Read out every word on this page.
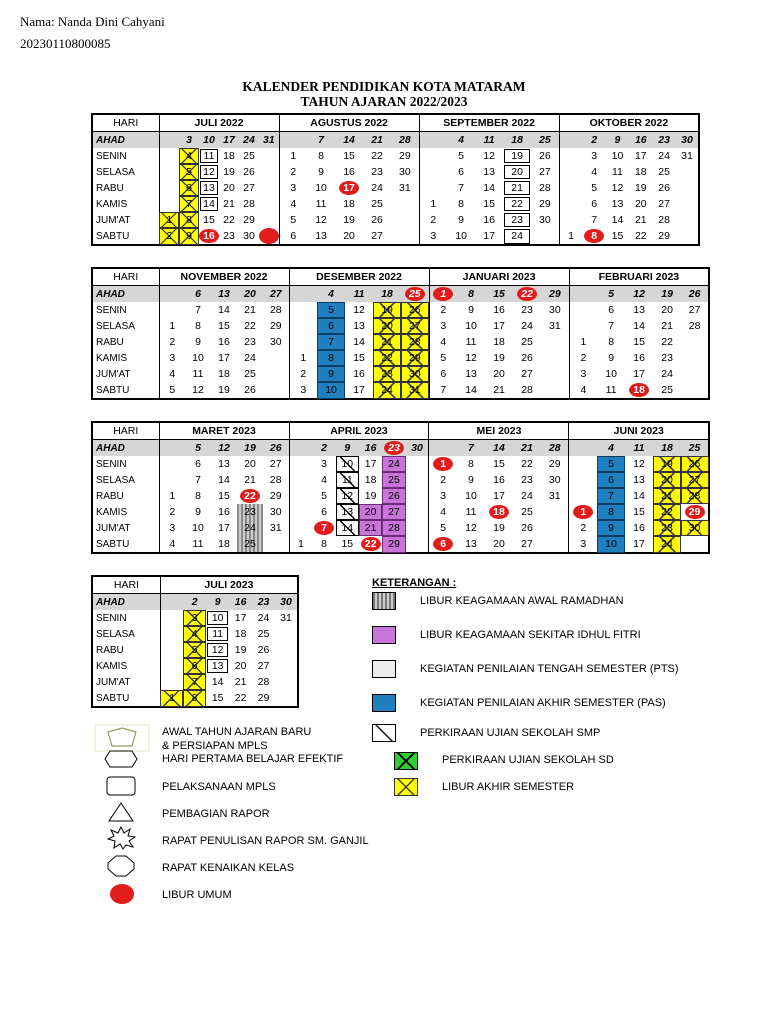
Nama: Nanda Dini Cahyani
20230110800085
KALENDER PENDIDIKAN KOTA MATARAM
TAHUN AJARAN 2022/2023
HARI	JULI 2022						AGUSTUS 2022					SEPTEMBER 2022					OKTOBER 2022					
AHAD		3	10	17	24	31		7	14	21	28		4	11	18	25		2	9	16	23	30
SENIN		4	11	18	25		1	8	15	22	29		5	12	19	26		3	10	17	24	31
SELASA		5	12	19	26		2	9	16	23	30		6	13	20	27		4	11	18	25	
RABU		6	13	20	27		3	10	17	24	31		7	14	21	28		5	12	19	26	
KAMIS		7	14	21	28		4	11	18	25		1	8	15	22	29		6	13	20	27	
JUM'AT	1	8	15	22	29		5	12	19	26		2	9	16	23	30		7	14	21	28	
SABTU	2	9	16	23	30	6	13	20	27		3	10	17	24		1	8	15	22	29	
HARI	NOVEMBER 2022					DESEMBER 2022					JANUARI 2023					FEBRUARI 2023				
AHAD		6	13	20	27		4	11	18	25	1	8	15	22	29		5	12	19	26
SENIN		7	14	21	28		5	12	19	26	2	9	16	23	30		6	13	20	27
SELASA	1	8	15	22	29		6	13	20	27	3	10	17	24	31		7	14	21	28
RABU	2	9	16	23	30		7	14	21	28	4	11	18	25		1	8	15	22	
KAMIS	3	10	17	24		1	8	15	22	29	5	12	19	26		2	9	16	23	
JUM'AT	4	11	18	25		2	9	16	23	30	6	13	20	27		3	10	17	24	
SABTU	5	12	19	26		3	10	17	24	31	7	14	21	28		4	11	18	25	
HARI	MARET 2023					APRIL 2023						MEI 2023					JUNI 2023				
AHAD		5	12	19	26		2	9	16	23	30		7	14	21	28		4	11	18	25
SENIN		6	13	20	27		3	10	17	24		1	8	15	22	29		5	12	19	26
SELASA		7	14	21	28		4	11	18	25		2	9	16	23	30		6	13	20	27
RABU	1	8	15	22	29		5	12	19	26		3	10	17	24	31		7	14	21	28
KAMIS	2	9	16	23	30		6	13	20	27		4	11	18	25		1	8	15	22	29
JUM'AT	3	10	17	24	31		7	14	21	28		5	12	19	26		2	9	16	23	30
SABTU	4	11	18	25		1	8	15	22	29		6	13	20	27		3	10	17	24	
HARI	JULI 2023					
AHAD		2	9	16	23	30
SENIN		3	10	17	24	31
SELASA		4	11	18	25	
RABU		5	12	19	26	
KAMIS		6	13	20	27	
JUM'AT		7	14	21	28	
SABTU	1	8	15	22	29	
KETERANGAN :
LIBUR KEAGAMAAN AWAL RAMADHAN
LIBUR KEAGAMAAN SEKITAR IDHUL FITRI
KEGIATAN PENILAIAN TENGAH SEMESTER (PTS)
KEGIATAN PENILAIAN AKHIR SEMESTER (PAS)
PERKIRAAN UJIAN SEKOLAH SMP
PERKIRAAN UJIAN SEKOLAH SD
LIBUR AKHIR SEMESTER
AWAL TAHUN AJARAN BARU
& PERSIAPAN MPLS
HARI PERTAMA BELAJAR EFEKTIF
PELAKSANAAN MPLS
PEMBAGIAN RAPOR
RAPAT PENULISAN RAPOR SM. GANJIL
RAPAT KENAIKAN KELAS
LIBUR UMUM
